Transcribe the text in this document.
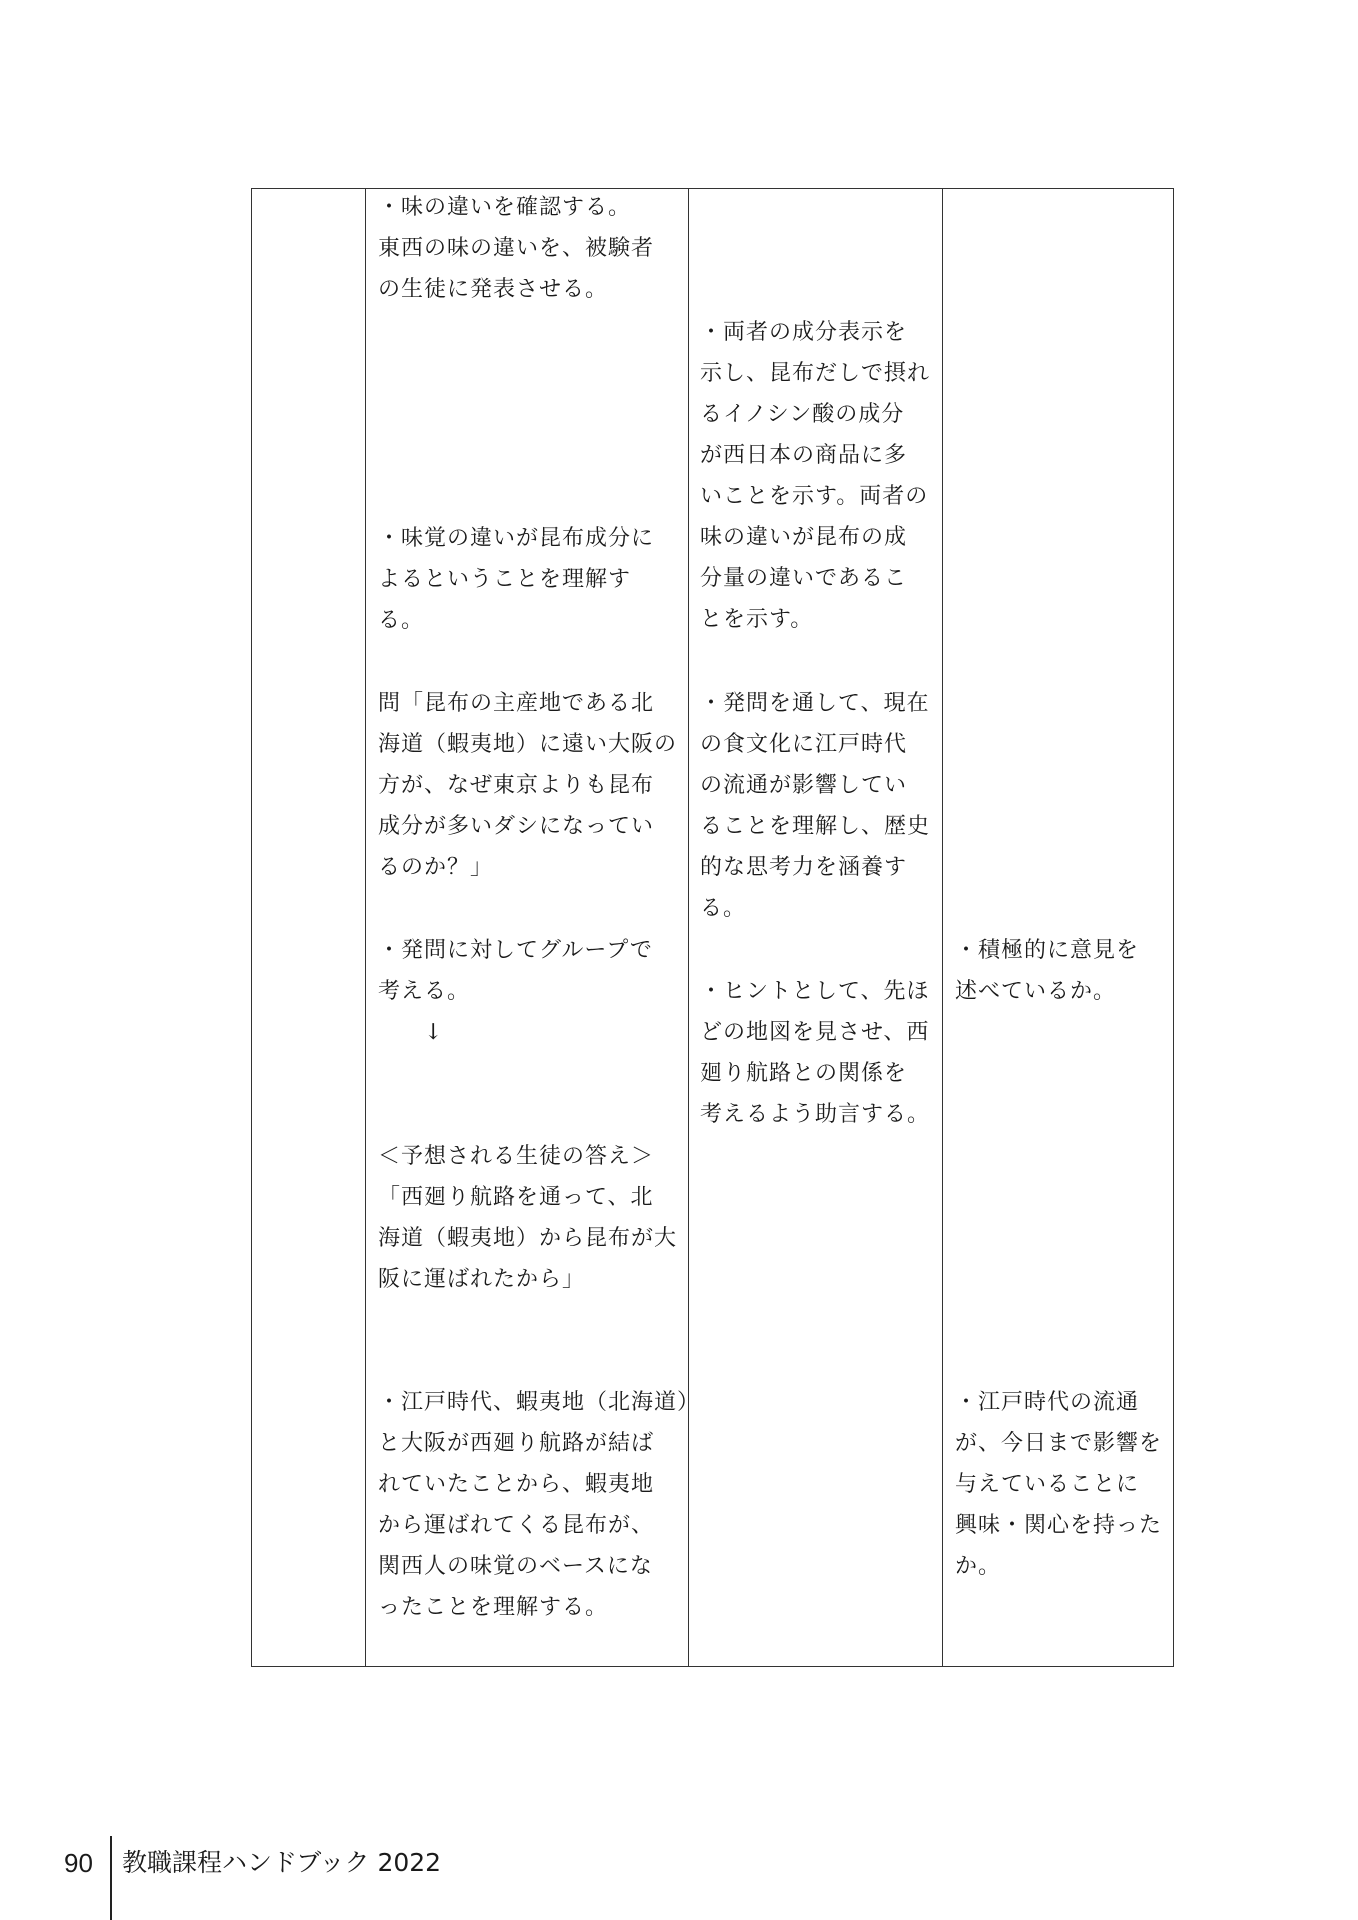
・味の違いを確認する。
東西の味の違いを、被験者
の生徒に発表させる。

・味覚の違いが昆布成分に
よるということを理解す
る。

問「昆布の主産地である北
海道（蝦夷地）に遠い大阪の
方が、なぜ東京よりも昆布
成分が多いダシになってい
るのか？」

・発問に対してグループで
考える。
　　↓

＜予想される生徒の答え＞
「西廻り航路を通って、北
海道（蝦夷地）から昆布が大
阪に運ばれたから」

・江戸時代、蝦夷地（北海道）
と大阪が西廻り航路が結ば
れていたことから、蝦夷地
から運ばれてくる昆布が、
関西人の味覚のベースにな
ったことを理解する。

・両者の成分表示を
示し、昆布だしで摂れ
るイノシン酸の成分
が西日本の商品に多
いことを示す。両者の
味の違いが昆布の成
分量の違いであるこ
とを示す。

・発問を通して、現在
の食文化に江戸時代
の流通が影響してい
ることを理解し、歴史
的な思考力を涵養す
る。

・ヒントとして、先ほ
どの地図を見させ、西
廻り航路との関係を
考えるよう助言する。

・積極的に意見を
述べているか。

・江戸時代の流通
が、今日まで影響を
与えていることに
興味・関心を持った
か。

90 教職課程ハンドブック 2022
